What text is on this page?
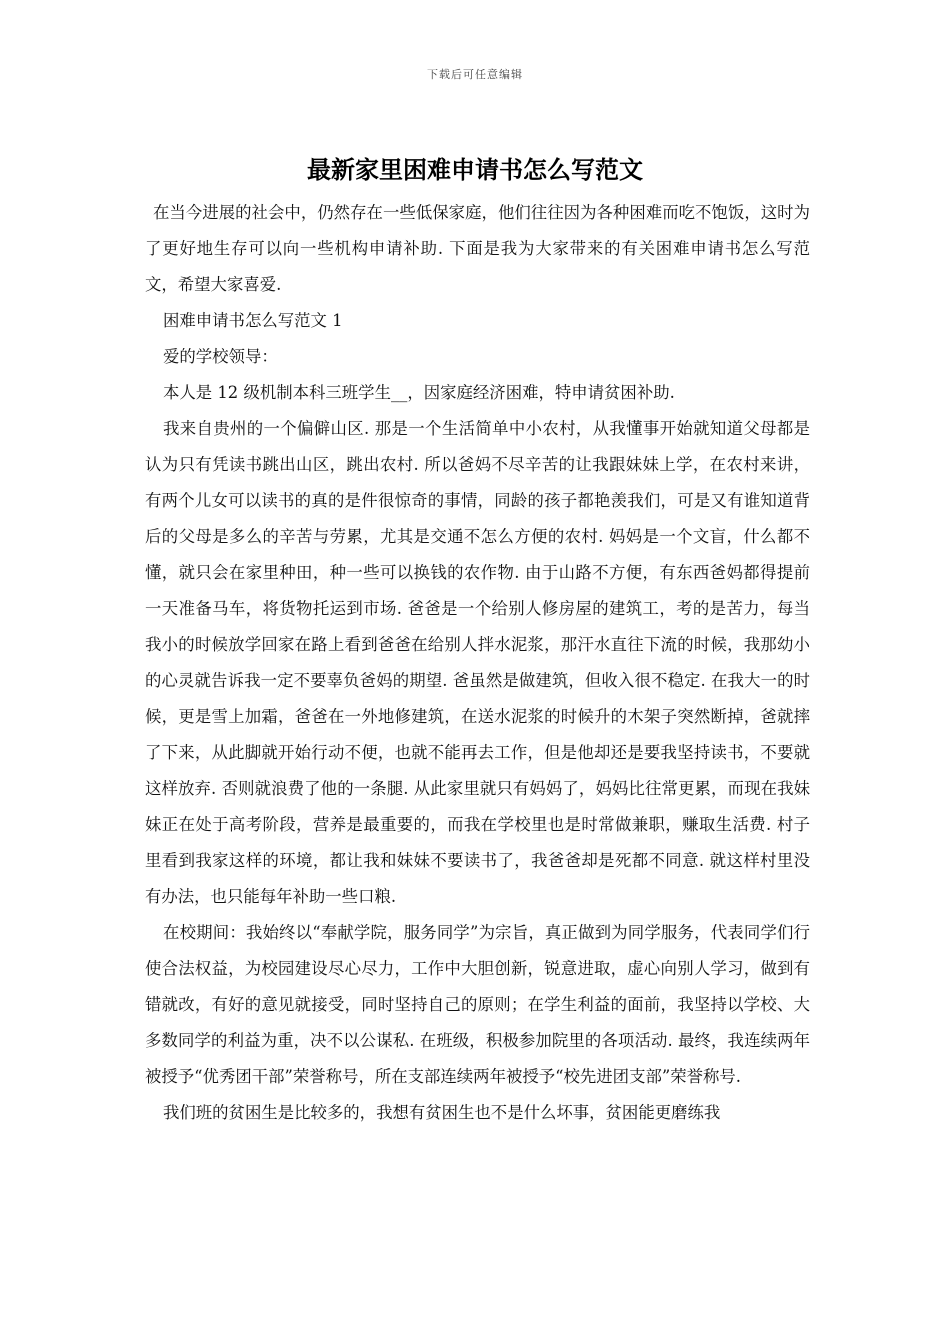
下载后可任意编辑
最新家里困难申请书怎么写范文

在当今进展的社会中，仍然存在一些低保家庭，他们往往因为各种困难而吃不饱饭，这时为了更好地生存可以向一些机构申请补助. 下面是我为大家带来的有关困难申请书怎么写范文，希望大家喜爱.

困难申请书怎么写范文 1

爱的学校领导：

本人是 12 级机制本科三班学生__，因家庭经济困难，特申请贫困补助.

我来自贵州的一个偏僻山区. 那是一个生活简单中小农村，从我懂事开始就知道父母都是认为只有凭读书跳出山区，跳出农村. 所以爸妈不尽辛苦的让我跟妹妹上学，在农村来讲，有两个儿女可以读书的真的是件很惊奇的事情，同龄的孩子都艳羡我们，可是又有谁知道背后的父母是多么的辛苦与劳累，尤其是交通不怎么方便的农村. 妈妈是一个文盲，什么都不懂，就只会在家里种田，种一些可以换钱的农作物. 由于山路不方便，有东西爸妈都得提前一天准备马车，将货物托运到市场. 爸爸是一个给别人修房屋的建筑工，考的是苦力，每当我小的时候放学回家在路上看到爸爸在给别人拌水泥浆，那汗水直往下流的时候，我那幼小的心灵就告诉我一定不要辜负爸妈的期望. 爸虽然是做建筑，但收入很不稳定. 在我大一的时候，更是雪上加霜，爸爸在一外地修建筑，在送水泥浆的时候升的木架子突然断掉，爸就摔了下来，从此脚就开始行动不便，也就不能再去工作，但是他却还是要我坚持读书，不要就这样放弃. 否则就浪费了他的一条腿. 从此家里就只有妈妈了，妈妈比往常更累，而现在我妹妹正在处于高考阶段，营养是最重要的，而我在学校里也是时常做兼职，赚取生活费. 村子里看到我家这样的环境，都让我和妹妹不要读书了，我爸爸却是死都不同意. 就这样村里没有办法，也只能每年补助一些口粮.

在校期间：我始终以“奉献学院，服务同学”为宗旨，真正做到为同学服务，代表同学们行使合法权益，为校园建设尽心尽力，工作中大胆创新，锐意进取，虚心向别人学习，做到有错就改，有好的意见就接受，同时坚持自己的原则；在学生利益的面前，我坚持以学校、大多数同学的利益为重，决不以公谋私. 在班级，积极参加院里的各项活动. 最终，我连续两年被授予“优秀团干部”荣誉称号，所在支部连续两年被授予“校先进团支部”荣誉称号.

我们班的贫困生是比较多的，我想有贫困生也不是什么坏事，贫困能更磨练我
